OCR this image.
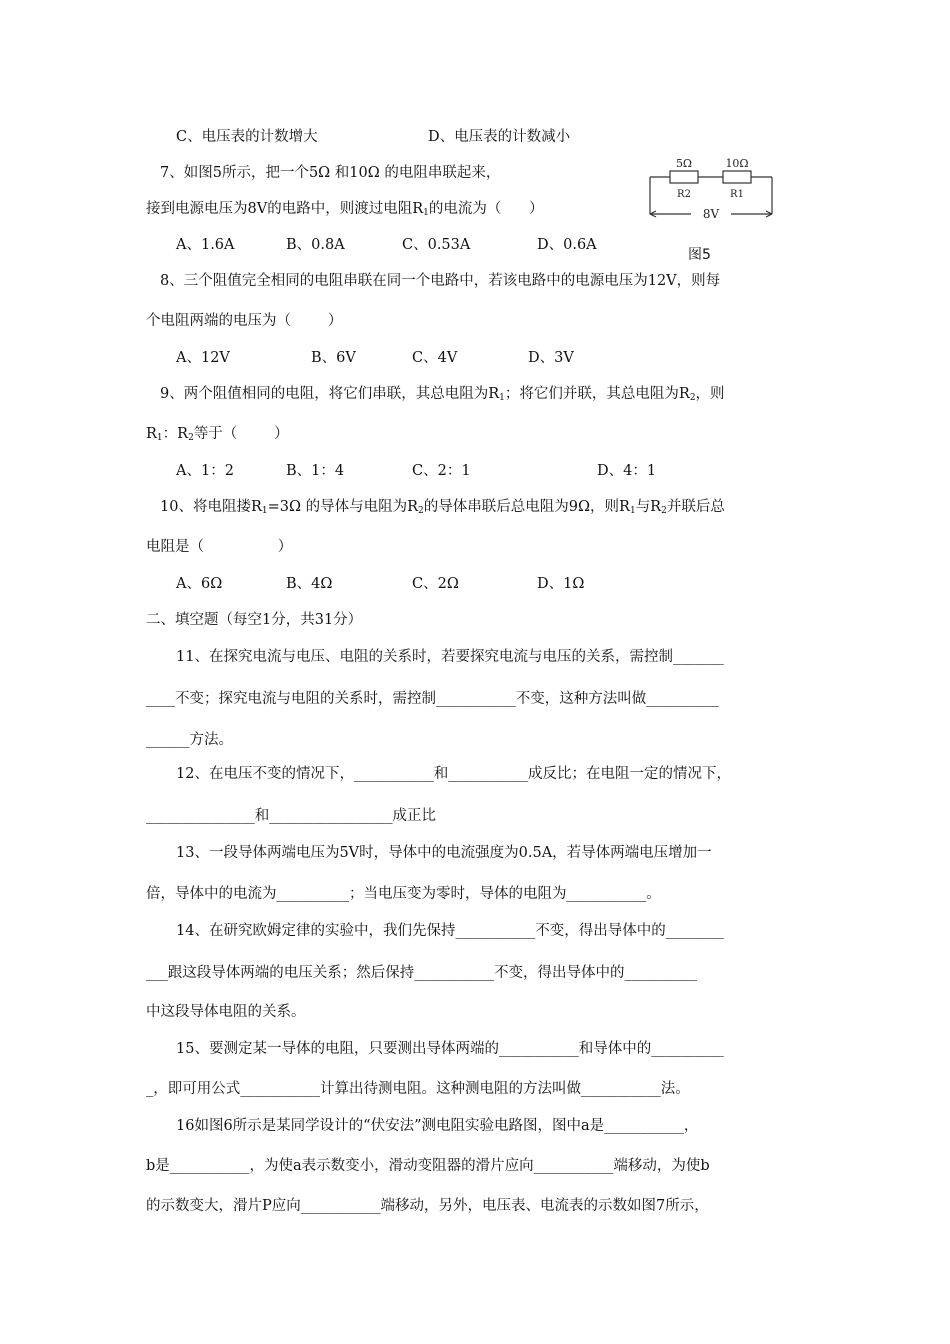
C、电压表的计数增大	D、电压表的计数减小
7、如图5所示，把一个5Ω 和10Ω 的电阻串联起来，
接到电源电压为8V的电路中，则渡过电阻$R_1$的电流为（      ）
A、1.6A	B、0.8A	C、0.53A	D、0.6A
5Ω	10Ω
R2	R1
8V
图5
8、三个阻值完全相同的电阻串联在同一个电路中，若该电路中的电源电压为12V，则每
个电阻两端的电压为（        ）
A、12V	B、6V	C、4V	D、3V
9、两个阻值相同的电阻，将它们串联，其总电阻为$R_1$；将它们并联，其总电阻为$R_2$，则
$R_1$：$R_2$等于（        ）
A、1：2	B、1：4	C、2：1	D、4：1
10、将电阻搂$R_1=3\Omega$ 的导体与电阻为$R_2$的导体串联后总电阻为9Ω，则$R_1$与$R_2$并联后总
电阻是（                ）
A、6Ω	B、4Ω	C、2Ω	D、1Ω
二、填空题（每空1分，共31分）
11、在探究电流与电压、电阻的关系时，若要探究电流与电压的关系，需控制_______
____不变；探究电流与电阻的关系时，需控制___________不变，这种方法叫做__________
______方法。
12、在电压不变的情况下，___________和___________成反比；在电阻一定的情况下，
_______________和_________________成正比
13、一段导体两端电压为5V时，导体中的电流强度为0.5A，若导体两端电压增加一
倍，导体中的电流为__________；当电压变为零时，导体的电阻为___________。
14、在研究欧姆定律的实验中，我们先保持___________不变，得出导体中的________
___跟这段导体两端的电压关系；然后保持___________不变，得出导体中的__________
中这段导体电阻的关系。
15、要测定某一导体的电阻，只要测出导体两端的___________和导体中的__________
_，即可用公式___________计算出待测电阻。这种测电阻的方法叫做___________法。
16如图6所示是某同学设计的“伏安法”测电阻实验电路图，图中a是___________，
b是___________，为使a表示数变小，滑动变阻器的滑片应向___________端移动，为使b
的示数变大，滑片P应向___________端移动，另外，电压表、电流表的示数如图7所示，
